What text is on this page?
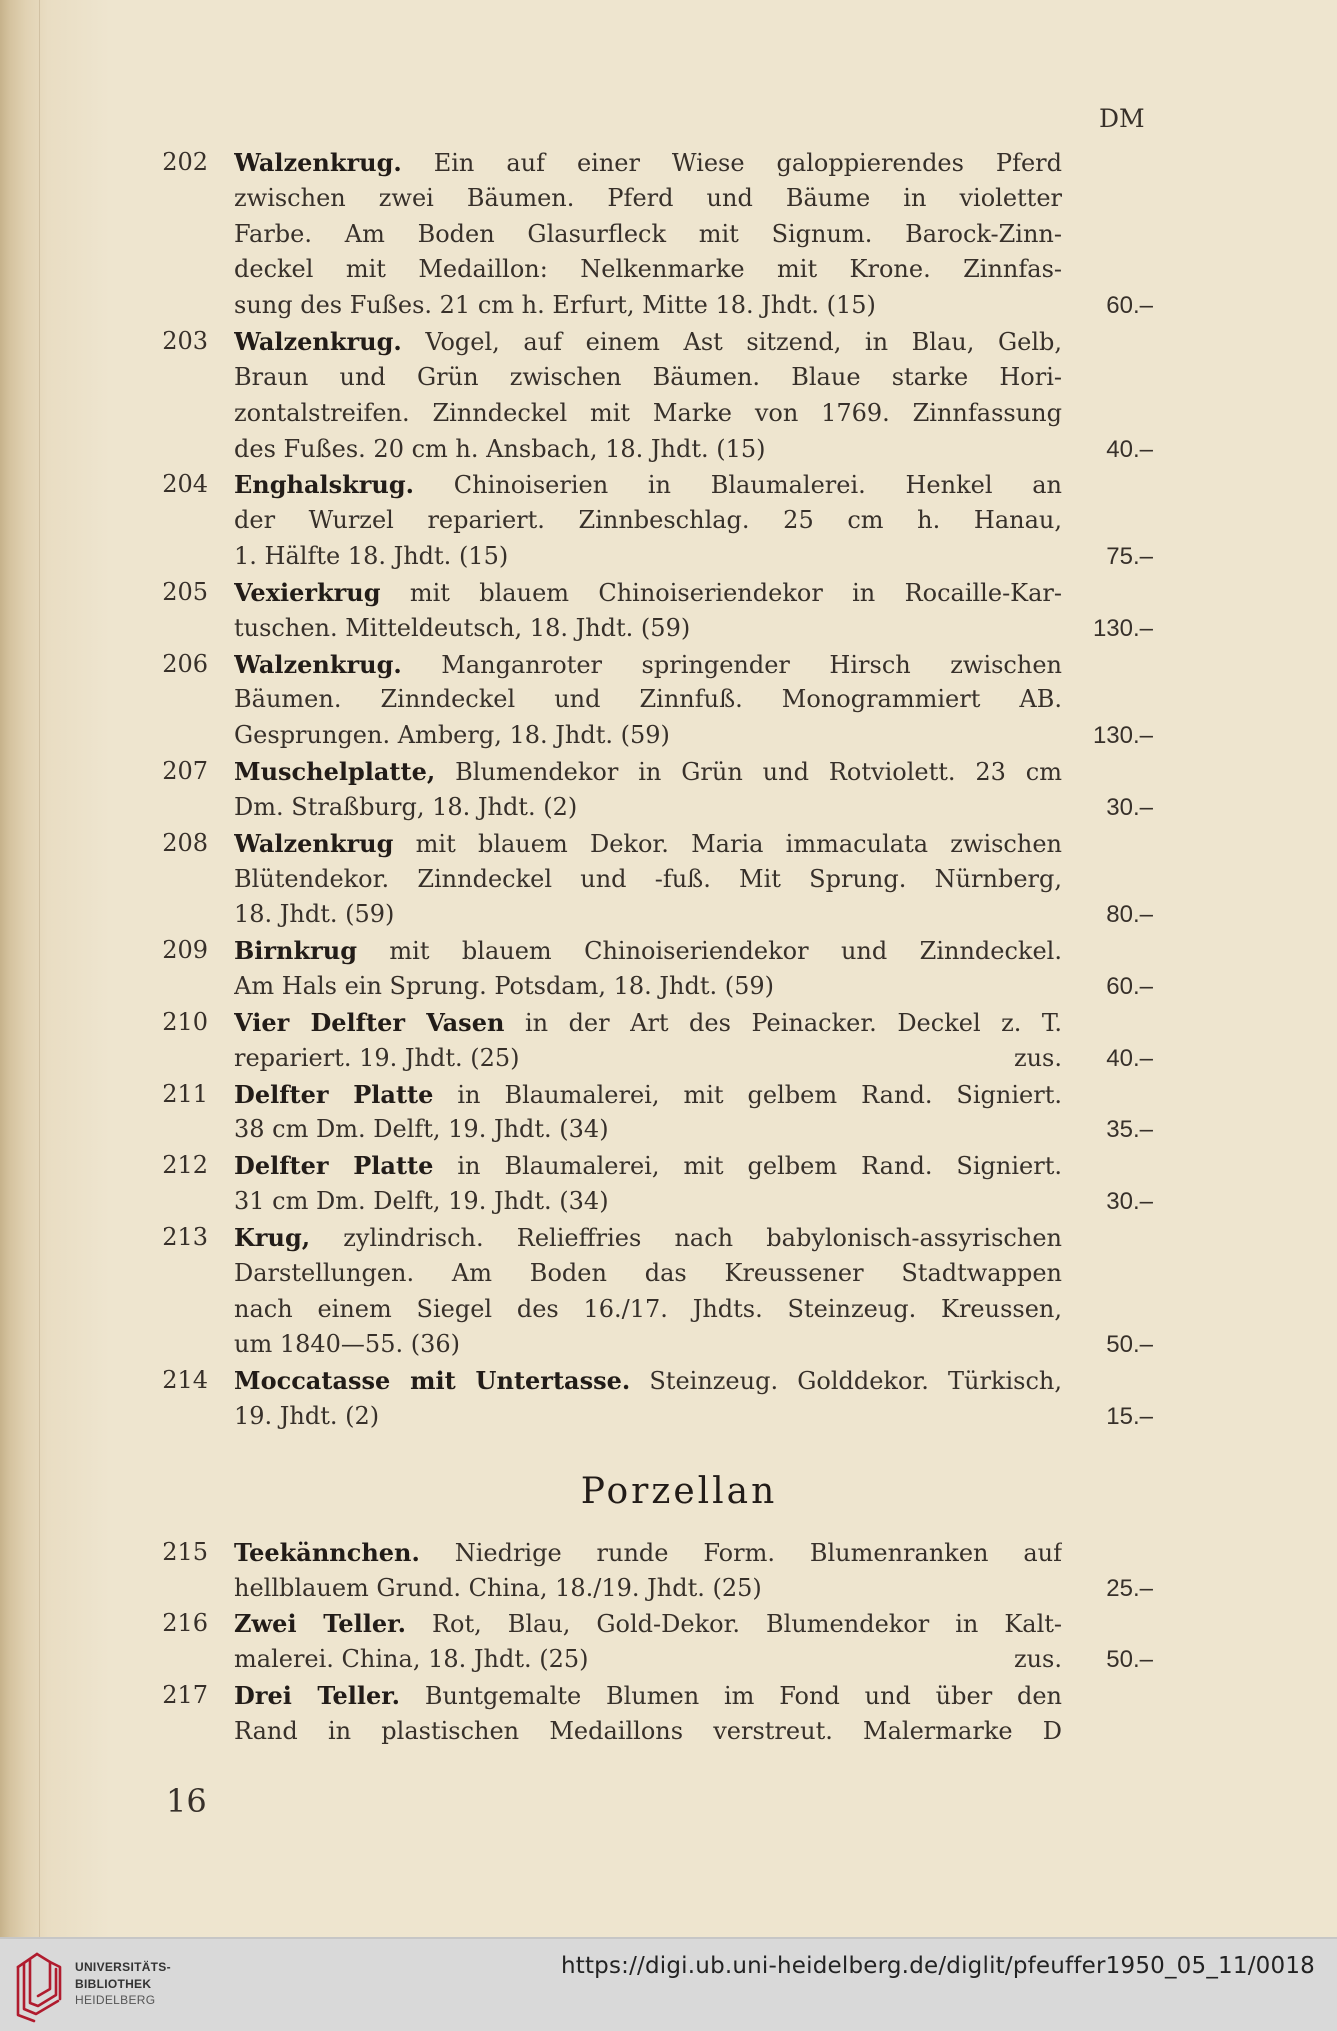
DM
202 Walzenkrug. Ein auf einer Wiese galoppierendes Pferd
zwischen zwei Bäumen. Pferd und Bäume in violetter
Farbe. Am Boden Glasurfleck mit Signum. Barock-Zinn-
deckel mit Medaillon: Nelkenmarke mit Krone. Zinnfas-
sung des Fußes. 21 cm h. Erfurt, Mitte 18. Jhdt. (15)	60.–
203 Walzenkrug. Vogel, auf einem Ast sitzend, in Blau, Gelb,
Braun und Grün zwischen Bäumen. Blaue starke Hori-
zontalstreifen. Zinndeckel mit Marke von 1769. Zinnfassung
des Fußes. 20 cm h. Ansbach, 18. Jhdt. (15)	40.–
204 Enghalskrug. Chinoiserien in Blaumalerei. Henkel an
der Wurzel repariert. Zinnbeschlag. 25 cm h. Hanau,
1. Hälfte 18. Jhdt. (15)	75.–
205 Vexierkrug mit blauem Chinoiseriendekor in Rocaille-Kar-
tuschen. Mitteldeutsch, 18. Jhdt. (59)	130.–
206 Walzenkrug. Manganroter springender Hirsch zwischen
Bäumen. Zinndeckel und Zinnfuß. Monogrammiert AB.
Gesprungen. Amberg, 18. Jhdt. (59)	130.–
207 Muschelplatte, Blumendekor in Grün und Rotviolett. 23 cm
Dm. Straßburg, 18. Jhdt. (2)	30.–
208 Walzenkrug mit blauem Dekor. Maria immaculata zwischen
Blütendekor. Zinndeckel und -fuß. Mit Sprung. Nürnberg,
18. Jhdt. (59)	80.–
209 Birnkrug mit blauem Chinoiseriendekor und Zinndeckel.
Am Hals ein Sprung. Potsdam, 18. Jhdt. (59)	60.–
210 Vier Delfter Vasen in der Art des Peinacker. Deckel z. T.
zus.
repariert. 19. Jhdt. (25)	40.–
211 Delfter Platte in Blaumalerei, mit gelbem Rand. Signiert.
38 cm Dm. Delft, 19. Jhdt. (34)	35.–
212 Delfter Platte in Blaumalerei, mit gelbem Rand. Signiert.
31 cm Dm. Delft, 19. Jhdt. (34)	30.–
213 Krug, zylindrisch. Relieffries nach babylonisch-assyrischen
Darstellungen. Am Boden das Kreussener Stadtwappen
nach einem Siegel des 16./17. Jhdts. Steinzeug. Kreussen,
um 1840—55. (36)	50.–
214 Moccatasse mit Untertasse. Steinzeug. Golddekor. Türkisch,
19. Jhdt. (2)	15.–
Porzellan
215 Teekännchen. Niedrige runde Form. Blumenranken auf
hellblauem Grund. China, 18./19. Jhdt. (25)	25.–
216 Zwei Teller. Rot, Blau, Gold-Dekor. Blumendekor in Kalt-
zus.
malerei. China, 18. Jhdt. (25)	50.–
217 Drei Teller. Buntgemalte Blumen im Fond und über den
Rand in plastischen Medaillons verstreut. Malermarke D
16
UNIVERSITÄTS-
BIBLIOTHEK
HEIDELBERG
https://digi.ub.uni-heidelberg.de/diglit/pfeuffer1950_05_11/0018
